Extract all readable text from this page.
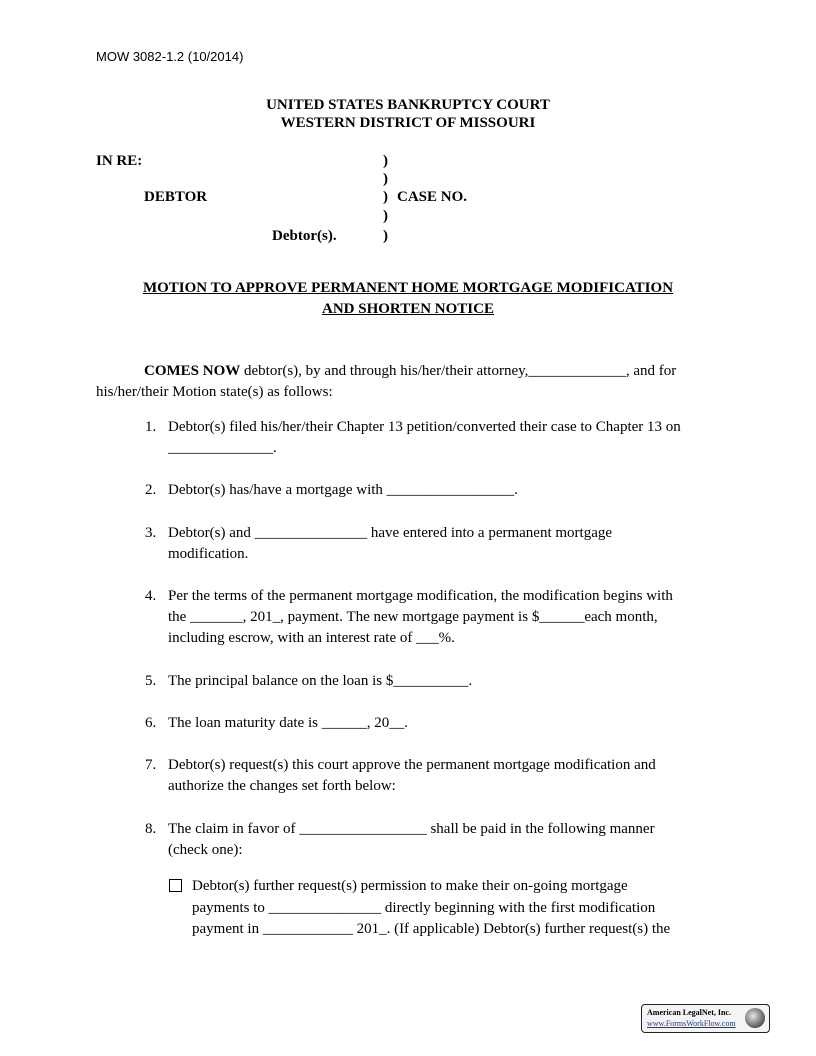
MOW 3082-1.2 (10/2014)
UNITED STATES BANKRUPTCY COURT
WESTERN DISTRICT OF MISSOURI
IN RE:
DEBTOR
Debtor(s).
)
)
)
)
)
CASE NO.
MOTION TO APPROVE PERMANENT HOME MORTGAGE MODIFICATION
AND SHORTEN NOTICE
COMES NOW debtor(s), by and through his/her/their attorney,_____________, and for
his/her/their Motion state(s) as follows:
1. Debtor(s) filed his/her/their Chapter 13 petition/converted their case to Chapter 13 on
______________.
2. Debtor(s) has/have a mortgage with _________________.
3. Debtor(s) and _______________ have entered into a permanent mortgage
modification.
4. Per the terms of the permanent mortgage modification, the modification begins with
the _______, 201_, payment. The new mortgage payment is $______each month,
including escrow, with an interest rate of ___%.
5. The principal balance on the loan is $__________.
6. The loan maturity date is ______, 20__.
7. Debtor(s) request(s) this court approve the permanent mortgage modification and
authorize the changes set forth below:
8. The claim in favor of _________________ shall be paid in the following manner
(check one):
Debtor(s) further request(s) permission to make their on-going mortgage
payments to _______________ directly beginning with the first modification
payment in ____________ 201_. (If applicable) Debtor(s) further request(s) the
American LegalNet, Inc.
www.FormsWorkFlow.com
